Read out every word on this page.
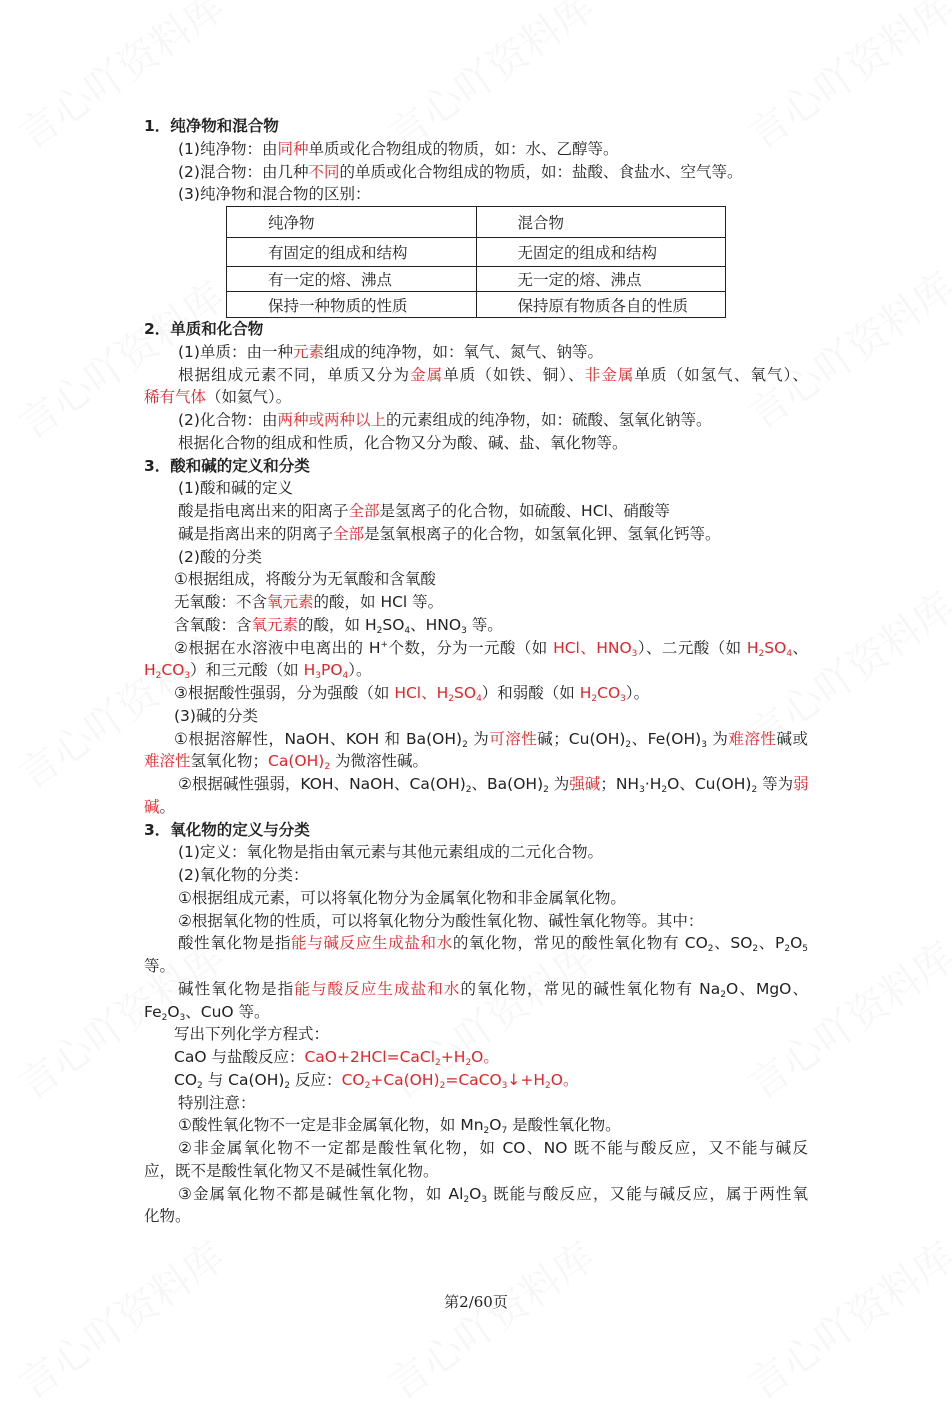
1．纯净物和混合物
(1)纯净物：由同种单质或化合物组成的物质，如：水、乙醇等。
(2)混合物：由几种不同的单质或化合物组成的物质，如：盐酸、食盐水、空气等。
(3)纯净物和混合物的区别：
纯净物	混合物
有固定的组成和结构	无固定的组成和结构
有一定的熔、沸点	无一定的熔、沸点
保持一种物质的性质	保持原有物质各自的性质
2．单质和化合物
(1)单质：由一种元素组成的纯净物，如：氧气、氮气、钠等。
根据组成元素不同，单质又分为金属单质（如铁、铜）、非金属单质（如氢气、氧气）、
稀有气体（如氦气）。
(2)化合物：由两种或两种以上的元素组成的纯净物，如：硫酸、氢氧化钠等。
根据化合物的组成和性质，化合物又分为酸、碱、盐、氧化物等。
3．酸和碱的定义和分类
(1)酸和碱的定义
酸是指电离出来的阳离子全部是氢离子的化合物，如硫酸、HCl、硝酸等
碱是指离出来的阴离子全部是氢氧根离子的化合物，如氢氧化钾、氢氧化钙等。
(2)酸的分类
①根据组成，将酸分为无氧酸和含氧酸
无氧酸：不含氧元素的酸，如 HCl 等。
含氧酸：含氧元素的酸，如 H2SO4、HNO3 等。
②根据在水溶液中电离出的 H+个数，分为一元酸（如 HCl、HNO3）、二元酸（如 H2SO4、
H2CO3）和三元酸（如 H3PO4）。
③根据酸性强弱，分为强酸（如 HCl、H2SO4）和弱酸（如 H2CO3）。
(3)碱的分类
①根据溶解性，NaOH、KOH 和 Ba(OH)2 为可溶性碱；Cu(OH)2、Fe(OH)3 为难溶性碱或
难溶性氢氧化物；Ca(OH)2 为微溶性碱。
②根据碱性强弱，KOH、NaOH、Ca(OH)2、Ba(OH)2 为强碱；NH3·H2O、Cu(OH)2 等为弱
碱。
3．氧化物的定义与分类
(1)定义：氧化物是指由氧元素与其他元素组成的二元化合物。
(2)氧化物的分类：
①根据组成元素，可以将氧化物分为金属氧化物和非金属氧化物。
②根据氧化物的性质，可以将氧化物分为酸性氧化物、碱性氧化物等。其中：
酸性氧化物是指能与碱反应生成盐和水的氧化物，常见的酸性氧化物有 CO2、SO2、P2O5
等。
碱性氧化物是指能与酸反应生成盐和水的氧化物，常见的碱性氧化物有 Na2O、MgO、
Fe2O3、CuO 等。
写出下列化学方程式：
CaO 与盐酸反应：CaO+2HCl=CaCl2+H2O。
CO2 与 Ca(OH)2 反应：CO2+Ca(OH)2=CaCO3↓+H2O。
特别注意：
①酸性氧化物不一定是非金属氧化物，如 Mn2O7 是酸性氧化物。
②非金属氧化物不一定都是酸性氧化物，如 CO、NO 既不能与酸反应，又不能与碱反
应，既不是酸性氧化物又不是碱性氧化物。
③金属氧化物不都是碱性氧化物，如 Al2O3 既能与酸反应，又能与碱反应，属于两性氧
化物。
第2/60页
